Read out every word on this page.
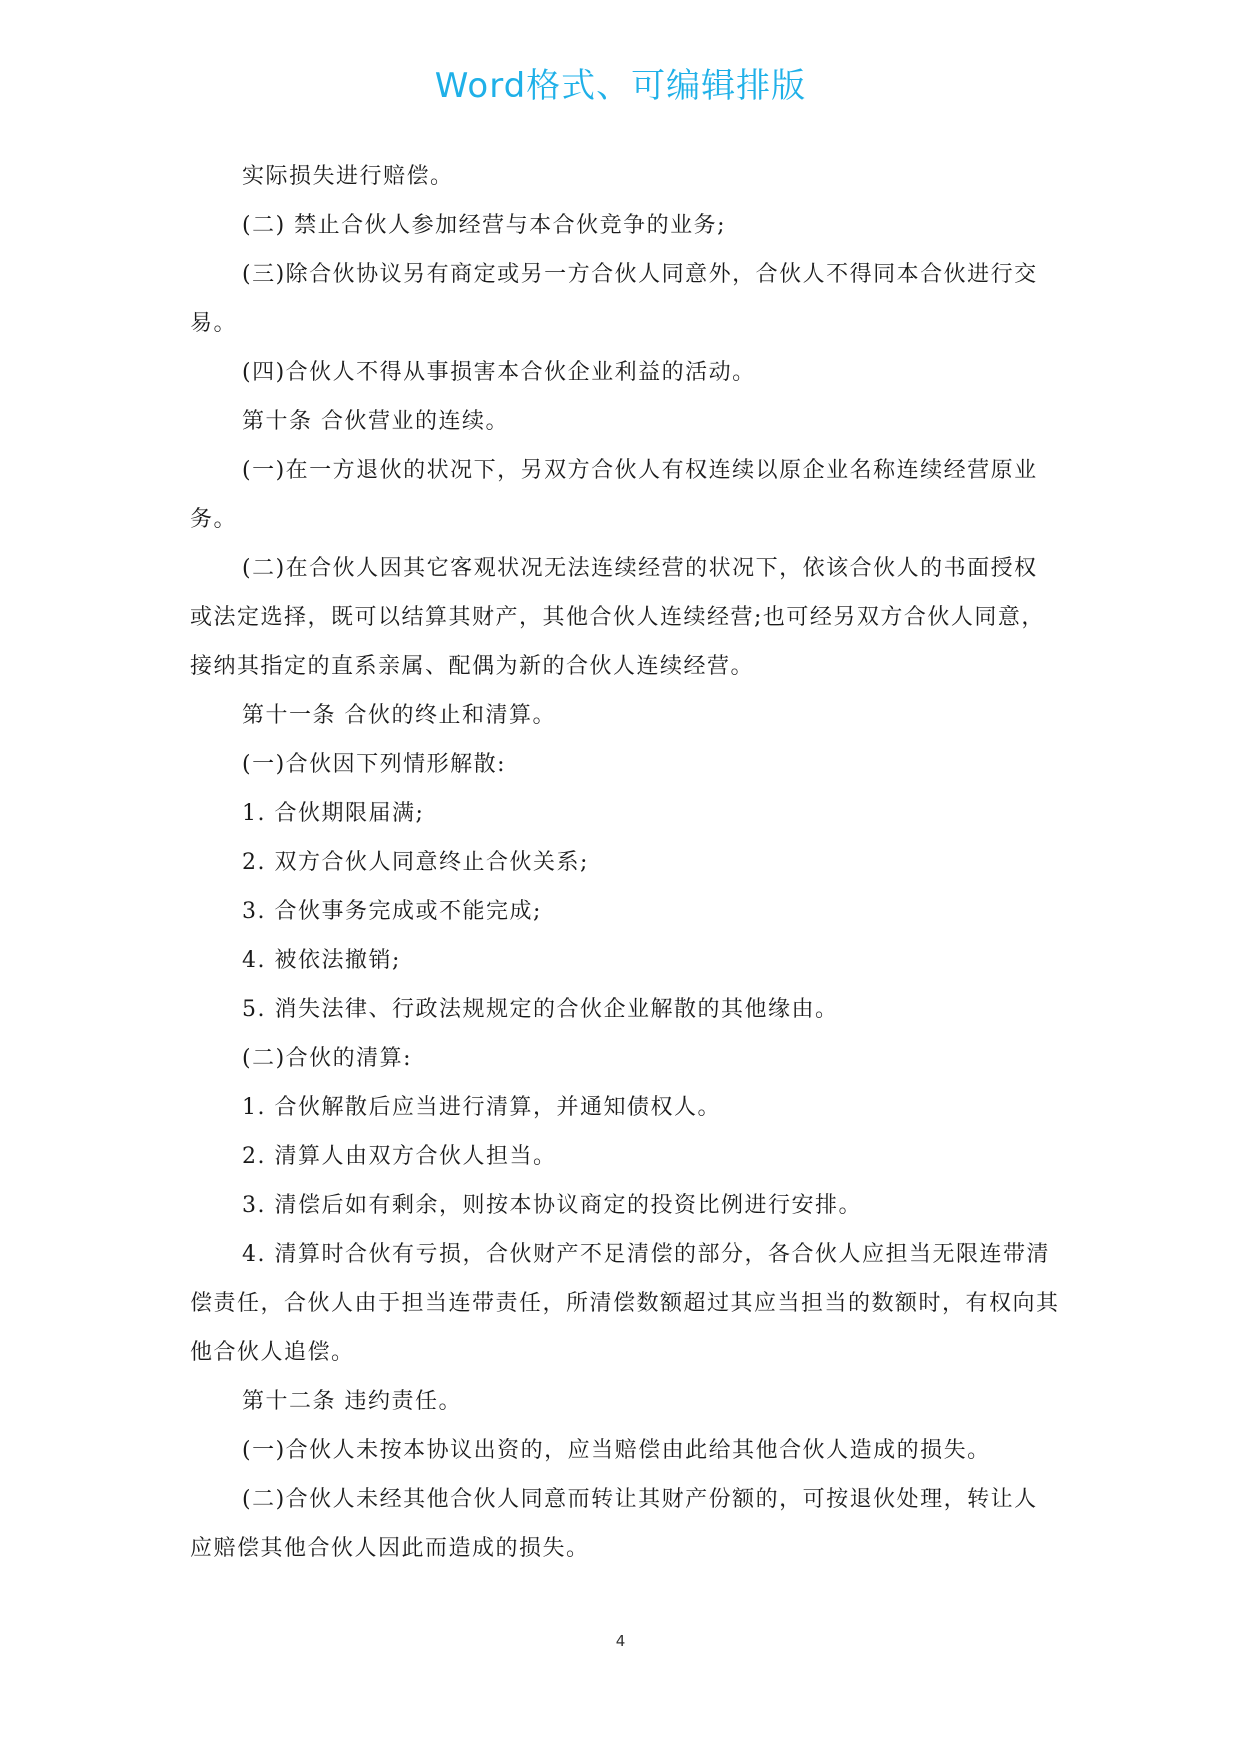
Word格式、可编辑排版

实际损失进行赔偿。

(二) 禁止合伙人参加经营与本合伙竞争的业务;

(三)除合伙协议另有商定或另一方合伙人同意外，合伙人不得同本合伙进行交易。

(四)合伙人不得从事损害本合伙企业利益的活动。

第十条 合伙营业的连续。

(一)在一方退伙的状况下，另双方合伙人有权连续以原企业名称连续经营原业务。

(二)在合伙人因其它客观状况无法连续经营的状况下，依该合伙人的书面授权或法定选择，既可以结算其财产，其他合伙人连续经营;也可经另双方合伙人同意，接纳其指定的直系亲属、配偶为新的合伙人连续经营。

第十一条 合伙的终止和清算。

(一)合伙因下列情形解散:

1. 合伙期限届满;

2. 双方合伙人同意终止合伙关系;

3. 合伙事务完成或不能完成;

4. 被依法撤销;

5. 消失法律、行政法规规定的合伙企业解散的其他缘由。

(二)合伙的清算:

1. 合伙解散后应当进行清算，并通知债权人。

2. 清算人由双方合伙人担当。

3. 清偿后如有剩余，则按本协议商定的投资比例进行安排。

4. 清算时合伙有亏损，合伙财产不足清偿的部分，各合伙人应担当无限连带清偿责任，合伙人由于担当连带责任，所清偿数额超过其应当担当的数额时，有权向其他合伙人追偿。

第十二条 违约责任。

(一)合伙人未按本协议出资的，应当赔偿由此给其他合伙人造成的损失。

(二)合伙人未经其他合伙人同意而转让其财产份额的，可按退伙处理，转让人应赔偿其他合伙人因此而造成的损失。

4
